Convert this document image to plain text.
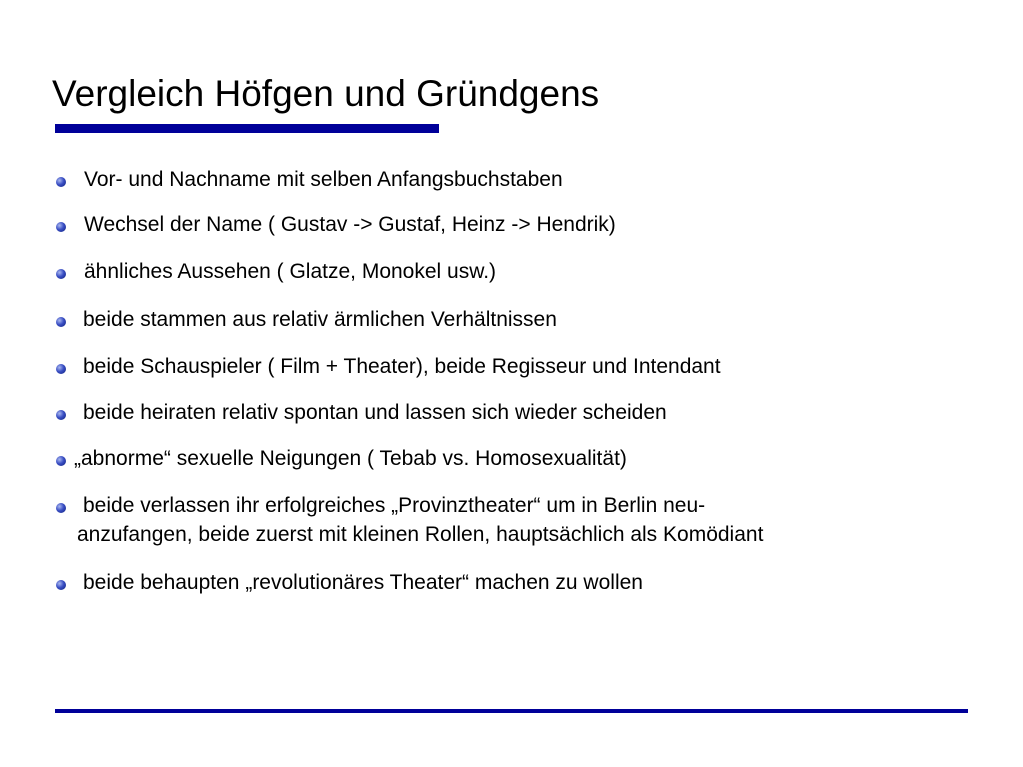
Vergleich Höfgen und Gründgens
Vor- und Nachname mit selben Anfangsbuchstaben
Wechsel der Name ( Gustav -> Gustaf, Heinz -> Hendrik)
ähnliches Aussehen ( Glatze, Monokel usw.)
beide stammen aus relativ ärmlichen Verhältnissen
beide Schauspieler ( Film + Theater), beide Regisseur und Intendant
beide heiraten relativ spontan und lassen sich wieder scheiden
„abnorme“ sexuelle Neigungen ( Tebab vs. Homosexualität)
beide verlassen ihr erfolgreiches „Provinztheater“ um in Berlin neu-
anzufangen, beide zuerst mit kleinen Rollen, hauptsächlich als Komödiant
beide behaupten „revolutionäres Theater“ machen zu wollen
